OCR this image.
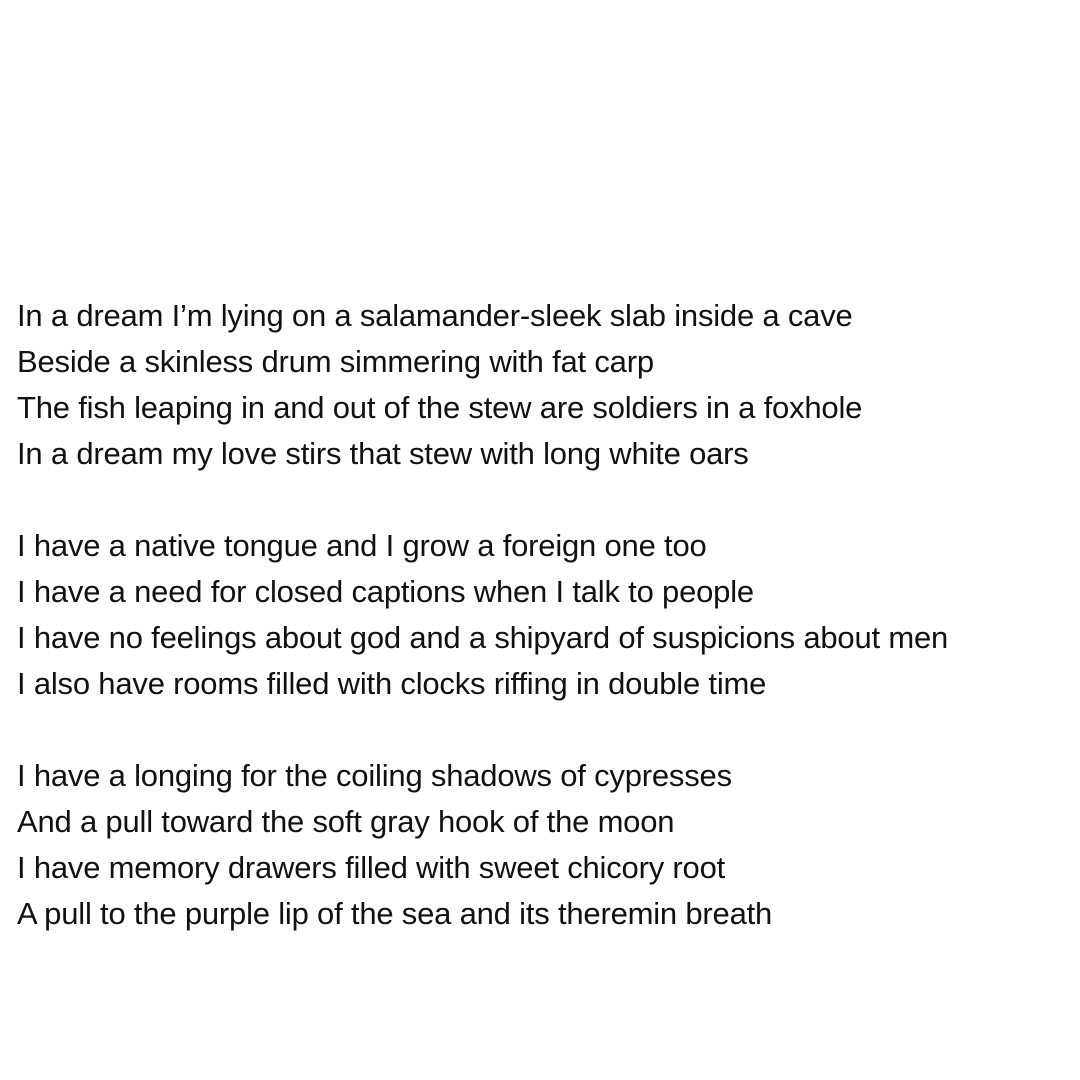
In a dream I’m lying on a salamander-sleek slab inside a cave
Beside a skinless drum simmering with fat carp
The fish leaping in and out of the stew are soldiers in a foxhole
In a dream my love stirs that stew with long white oars
I have a native tongue and I grow a foreign one too
I have a need for closed captions when I talk to people
I have no feelings about god and a shipyard of suspicions about men
I also have rooms filled with clocks riffing in double time
I have a longing for the coiling shadows of cypresses
And a pull toward the soft gray hook of the moon
I have memory drawers filled with sweet chicory root
A pull to the purple lip of the sea and its theremin breath
